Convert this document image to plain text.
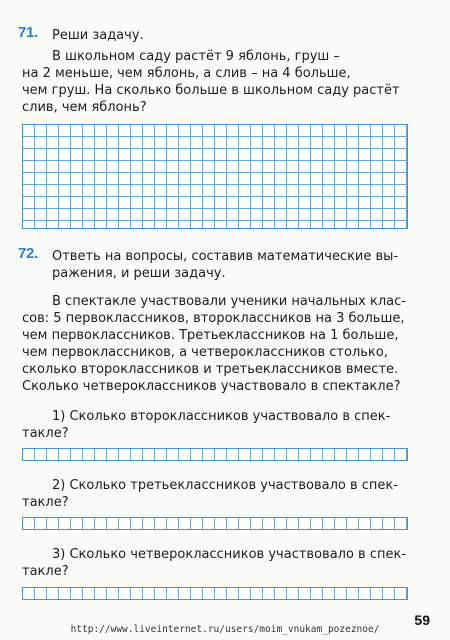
71. Реши задачу.
В школьном саду растёт 9 яблонь, груш –
на 2 меньше, чем яблонь, а слив – на 4 больше,
чем груш. На сколько больше в школьном саду растёт
слив, чем яблонь?
72. Ответь на вопросы, составив математические вы-
ражения, и реши задачу.
В спектакле участвовали ученики начальных клас-
сов: 5 первоклассников, второклассников на 3 больше,
чем первоклассников. Третьеклассников на 1 больше,
чем первоклассников, а четвероклассников столько,
сколько второклассников и третьеклассников вместе.
Сколько четвероклассников участвовало в спектакле?
1) Сколько второклассников участвовало в спек-
такле?
2) Сколько третьеклассников участвовало в спек-
такле?
3) Сколько четвероклассников участвовало в спек-
такле?
59
http://www.liveinternet.ru/users/moim_vnukam_pozeznoe/
